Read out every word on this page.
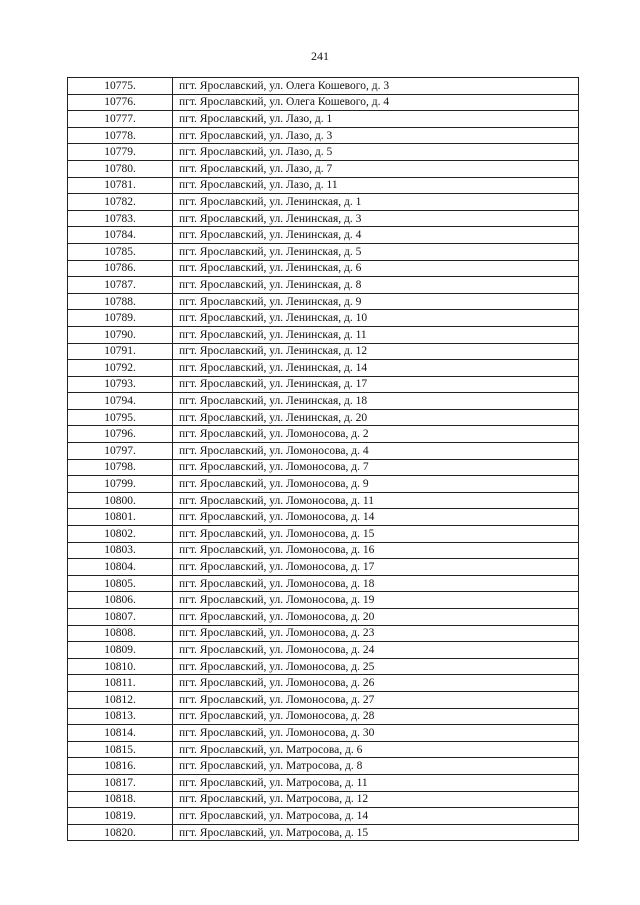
241
10775.	пгт. Ярославский, ул. Олега Кошевого, д. 3
10776.	пгт. Ярославский, ул. Олега Кошевого, д. 4
10777.	пгт. Ярославский, ул. Лазо, д. 1
10778.	пгт. Ярославский, ул. Лазо, д. 3
10779.	пгт. Ярославский, ул. Лазо, д. 5
10780.	пгт. Ярославский, ул. Лазо, д. 7
10781.	пгт. Ярославский, ул. Лазо, д. 11
10782.	пгт. Ярославский, ул. Ленинская, д. 1
10783.	пгт. Ярославский, ул. Ленинская, д. 3
10784.	пгт. Ярославский, ул. Ленинская, д. 4
10785.	пгт. Ярославский, ул. Ленинская, д. 5
10786.	пгт. Ярославский, ул. Ленинская, д. 6
10787.	пгт. Ярославский, ул. Ленинская, д. 8
10788.	пгт. Ярославский, ул. Ленинская, д. 9
10789.	пгт. Ярославский, ул. Ленинская, д. 10
10790.	пгт. Ярославский, ул. Ленинская, д. 11
10791.	пгт. Ярославский, ул. Ленинская, д. 12
10792.	пгт. Ярославский, ул. Ленинская, д. 14
10793.	пгт. Ярославский, ул. Ленинская, д. 17
10794.	пгт. Ярославский, ул. Ленинская, д. 18
10795.	пгт. Ярославский, ул. Ленинская, д. 20
10796.	пгт. Ярославский, ул. Ломоносова, д. 2
10797.	пгт. Ярославский, ул. Ломоносова, д. 4
10798.	пгт. Ярославский, ул. Ломоносова, д. 7
10799.	пгт. Ярославский, ул. Ломоносова, д. 9
10800.	пгт. Ярославский, ул. Ломоносова, д. 11
10801.	пгт. Ярославский, ул. Ломоносова, д. 14
10802.	пгт. Ярославский, ул. Ломоносова, д. 15
10803.	пгт. Ярославский, ул. Ломоносова, д. 16
10804.	пгт. Ярославский, ул. Ломоносова, д. 17
10805.	пгт. Ярославский, ул. Ломоносова, д. 18
10806.	пгт. Ярославский, ул. Ломоносова, д. 19
10807.	пгт. Ярославский, ул. Ломоносова, д. 20
10808.	пгт. Ярославский, ул. Ломоносова, д. 23
10809.	пгт. Ярославский, ул. Ломоносова, д. 24
10810.	пгт. Ярославский, ул. Ломоносова, д. 25
10811.	пгт. Ярославский, ул. Ломоносова, д. 26
10812.	пгт. Ярославский, ул. Ломоносова, д. 27
10813.	пгт. Ярославский, ул. Ломоносова, д. 28
10814.	пгт. Ярославский, ул. Ломоносова, д. 30
10815.	пгт. Ярославский, ул. Матросова, д. 6
10816.	пгт. Ярославский, ул. Матросова, д. 8
10817.	пгт. Ярославский, ул. Матросова, д. 11
10818.	пгт. Ярославский, ул. Матросова, д. 12
10819.	пгт. Ярославский, ул. Матросова, д. 14
10820.	пгт. Ярославский, ул. Матросова, д. 15
